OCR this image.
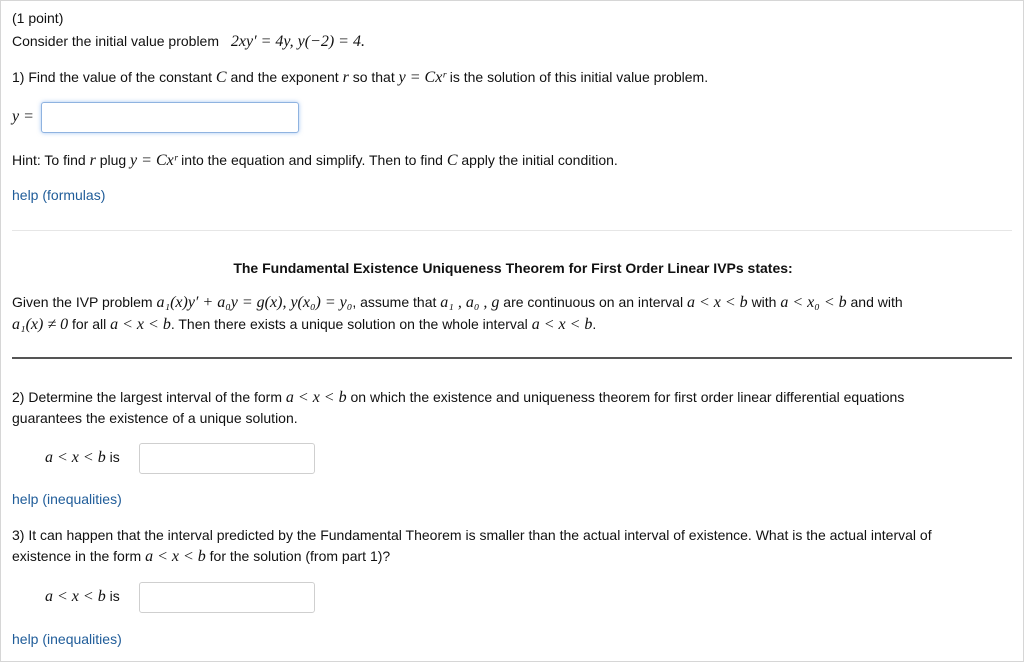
(1 point)
Consider the initial value problem 2xy′ = 4y, y(−2) = 4.
1) Find the value of the constant C and the exponent r so that y = Cxʳ is the solution of this initial value problem.
y =
Hint: To find r plug y = Cxʳ into the equation and simplify. Then to find C apply the initial condition.
help (formulas)
The Fundamental Existence Uniqueness Theorem for First Order Linear IVPs states:
Given the IVP problem a₁(x)y′ + a₀y = g(x), y(x₀) = y₀, assume that a₁ , a₀ , g are continuous on an interval a < x < b with a < x₀ < b and with
a₁(x) ≠ 0 for all a < x < b. Then there exists a unique solution on the whole interval a < x < b.
2) Determine the largest interval of the form a < x < b on which the existence and uniqueness theorem for first order linear differential equations
guarantees the existence of a unique solution.
a < x < b is
help (inequalities)
3) It can happen that the interval predicted by the Fundamental Theorem is smaller than the actual interval of existence. What is the actual interval of
existence in the form a < x < b for the solution (from part 1)?
a < x < b is
help (inequalities)
